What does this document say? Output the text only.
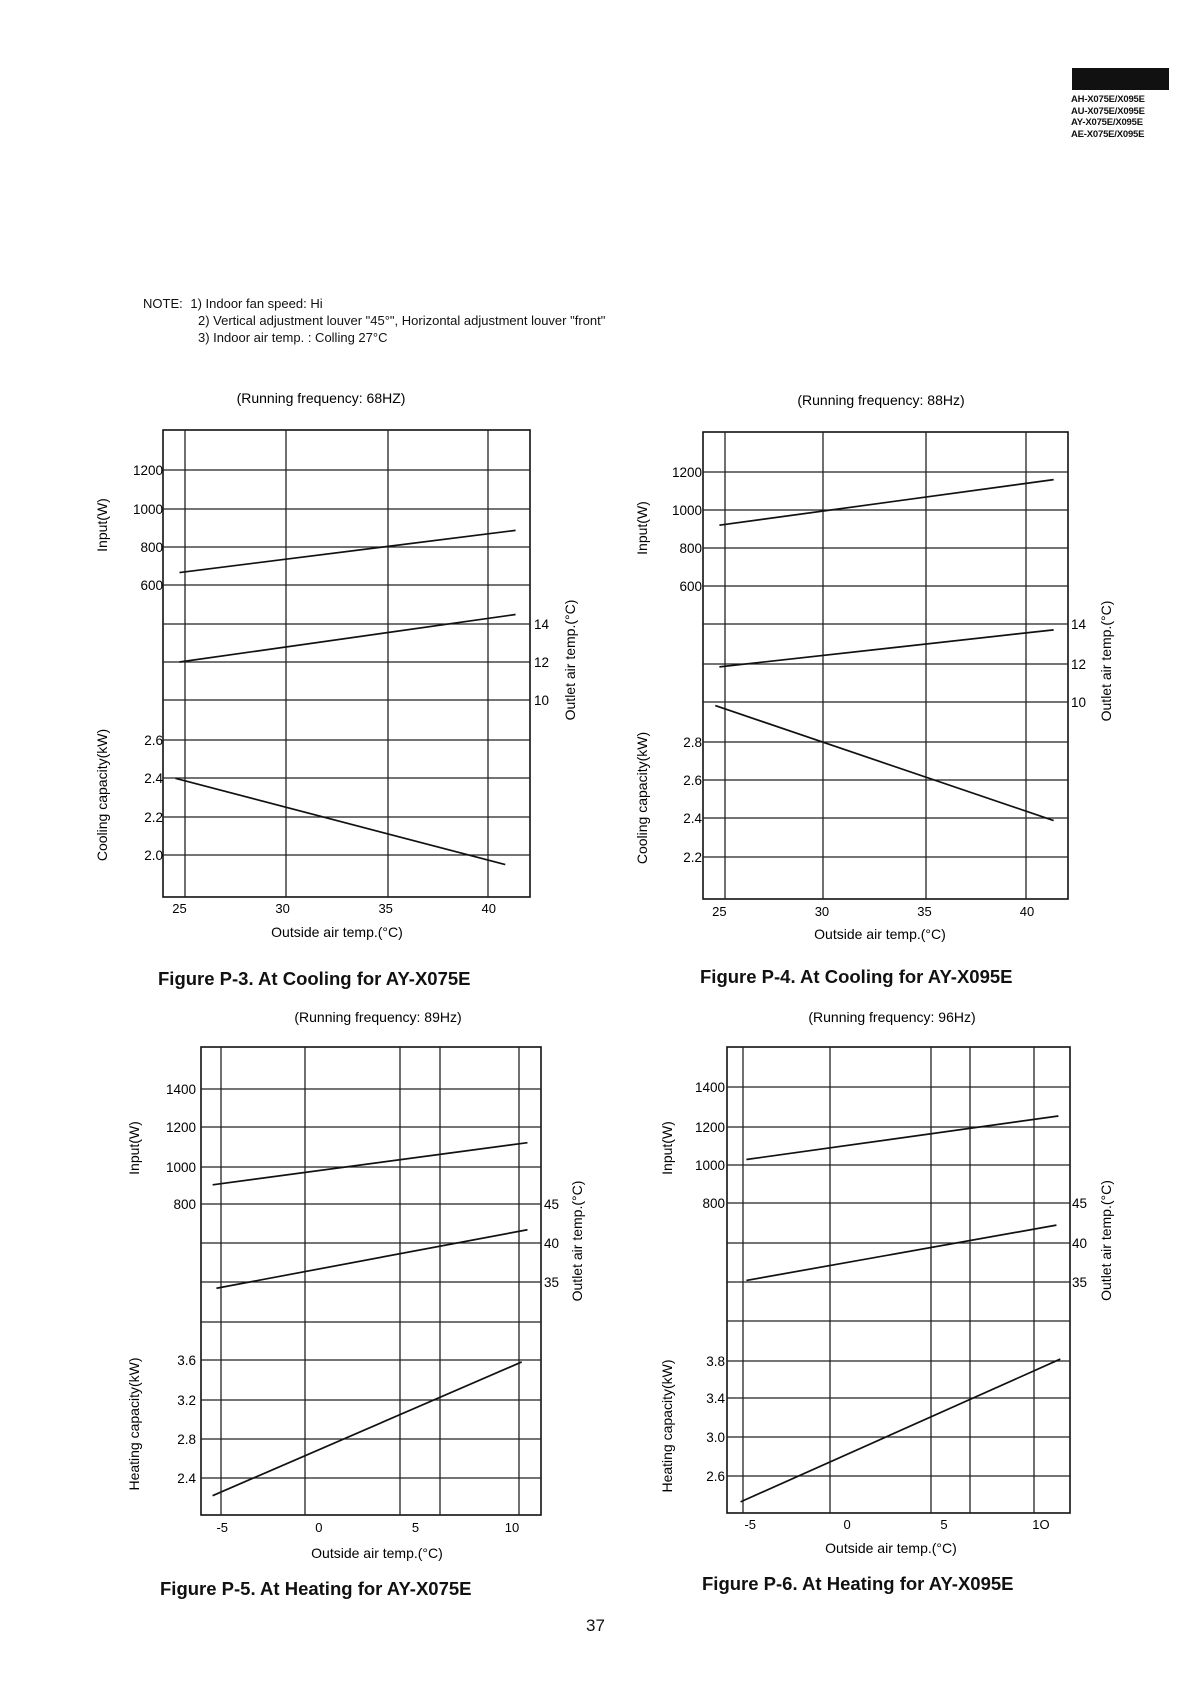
AH-X075E/X095E
AU-X075E/X095E
AY-X075E/X095E
AE-X075E/X095E
NOTE: 1) Indoor fan speed: Hi
2) Vertical adjustment louver "45°", Horizontal adjustment louver "front"
3) Indoor air temp. : Colling 27°C
(Running frequency: 68HZ)
25	30	35	40
Outside air temp.(°C)
1200
1000
800
600
14
12
10
2.6
2.4
2.2
2.0
Input(W)
Cooling capacity(kW)
Outlet air temp.(°C)
(Running frequency: 88Hz)
25	30	35	40
Outside air temp.(°C)
1200
1000
800
600
14
12
10
2.8
2.6
2.4
2.2
Input(W)
Cooling capacity(kW)
Outlet air temp.(°C)
(Running frequency: 89Hz)
-5	0	5	10
Outside air temp.(°C)
1400
1200
1000
800	45
40
35
3.6
3.2
2.8
2.4
Input(W)
Heating capacity(kW)
Outlet air temp.(°C)
(Running frequency: 96Hz)
-5	0	5	1O
Outside air temp.(°C)
1400
1200
1000
800	45
40
35
3.8
3.4
3.0
2.6
Input(W)
Heating capacity(kW)
Outlet air temp.(°C)
Figure P-3. At Cooling for AY-X075E	Figure P-4. At Cooling for AY-X095E
Figure P-5. At Heating for AY-X075E	Figure P-6. At Heating for AY-X095E
37
